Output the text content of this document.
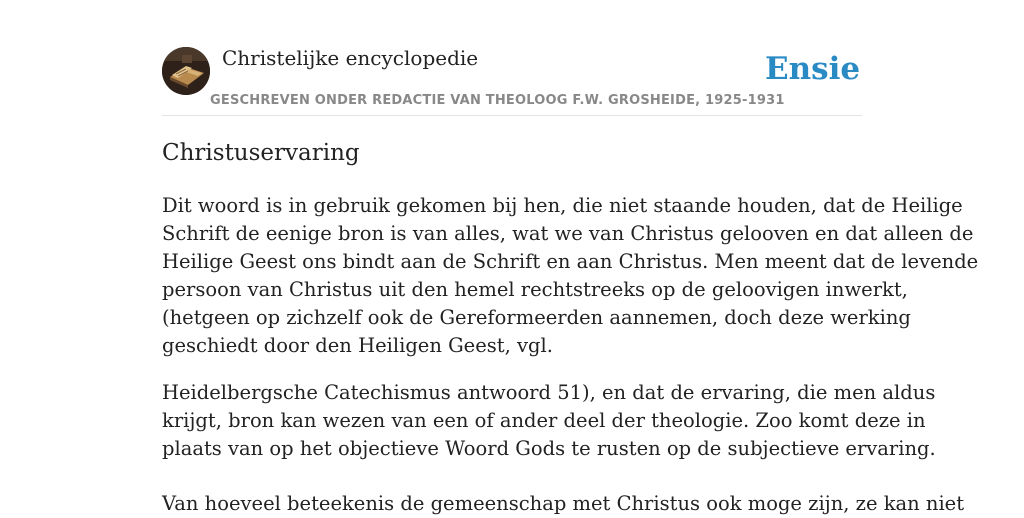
Christelijke encyclopedie
GESCHREVEN ONDER REDACTIE VAN THEOLOOG F.W. GROSHEIDE, 1925-1931
Ensie
Christuservaring

Dit woord is in gebruik gekomen bij hen, die niet staande houden, dat de Heilige
Schrift de eenige bron is van alles, wat we van Christus gelooven en dat alleen de
Heilige Geest ons bindt aan de Schrift en aan Christus. Men meent dat de levende
persoon van Christus uit den hemel rechtstreeks op de geloovigen inwerkt,
(hetgeen op zichzelf ook de Gereformeerden aannemen, doch deze werking
geschiedt door den Heiligen Geest, vgl.

Heidelbergsche Catechismus antwoord 51), en dat de ervaring, die men aldus
krijgt, bron kan wezen van een of ander deel der theologie. Zoo komt deze in
plaats van op het objectieve Woord Gods te rusten op de subjectieve ervaring.

Van hoeveel beteekenis de gemeenschap met Christus ook moge zijn, ze kan niet
